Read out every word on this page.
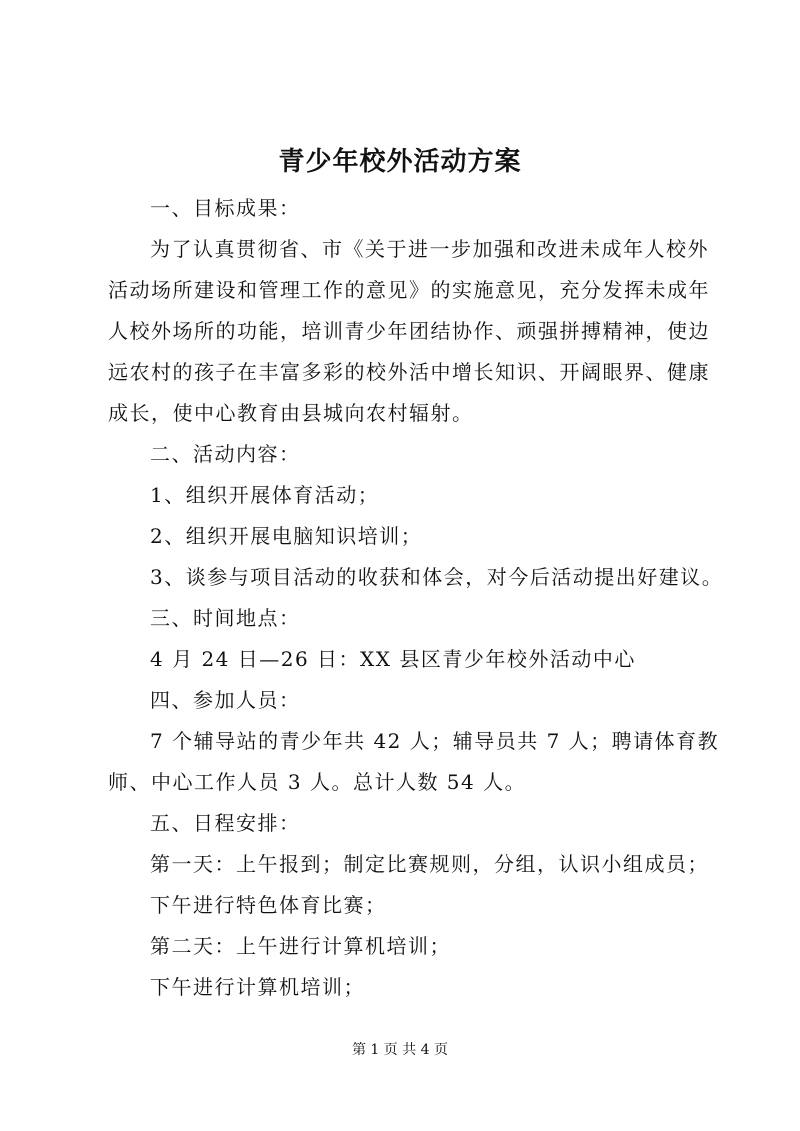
青少年校外活动方案
一、目标成果：
为了认真贯彻省、市《关于进一步加强和改进未成年人校外
活动场所建设和管理工作的意见》的实施意见，充分发挥未成年
人校外场所的功能，培训青少年团结协作、顽强拼搏精神，使边
远农村的孩子在丰富多彩的校外活中增长知识、开阔眼界、健康
成长，使中心教育由县城向农村辐射。
二、活动内容：
1、组织开展体育活动；
2、组织开展电脑知识培训；
3、谈参与项目活动的收获和体会，对今后活动提出好建议。
三、时间地点：
4 月 24 日—26 日：XX 县区青少年校外活动中心
四、参加人员：
7 个辅导站的青少年共 42 人；辅导员共 7 人；聘请体育教
师、中心工作人员 3 人。总计人数 54 人。
五、日程安排：
第一天：上午报到；制定比赛规则，分组，认识小组成员；
下午进行特色体育比赛；
第二天：上午进行计算机培训；
下午进行计算机培训；
第 1 页 共 4 页
